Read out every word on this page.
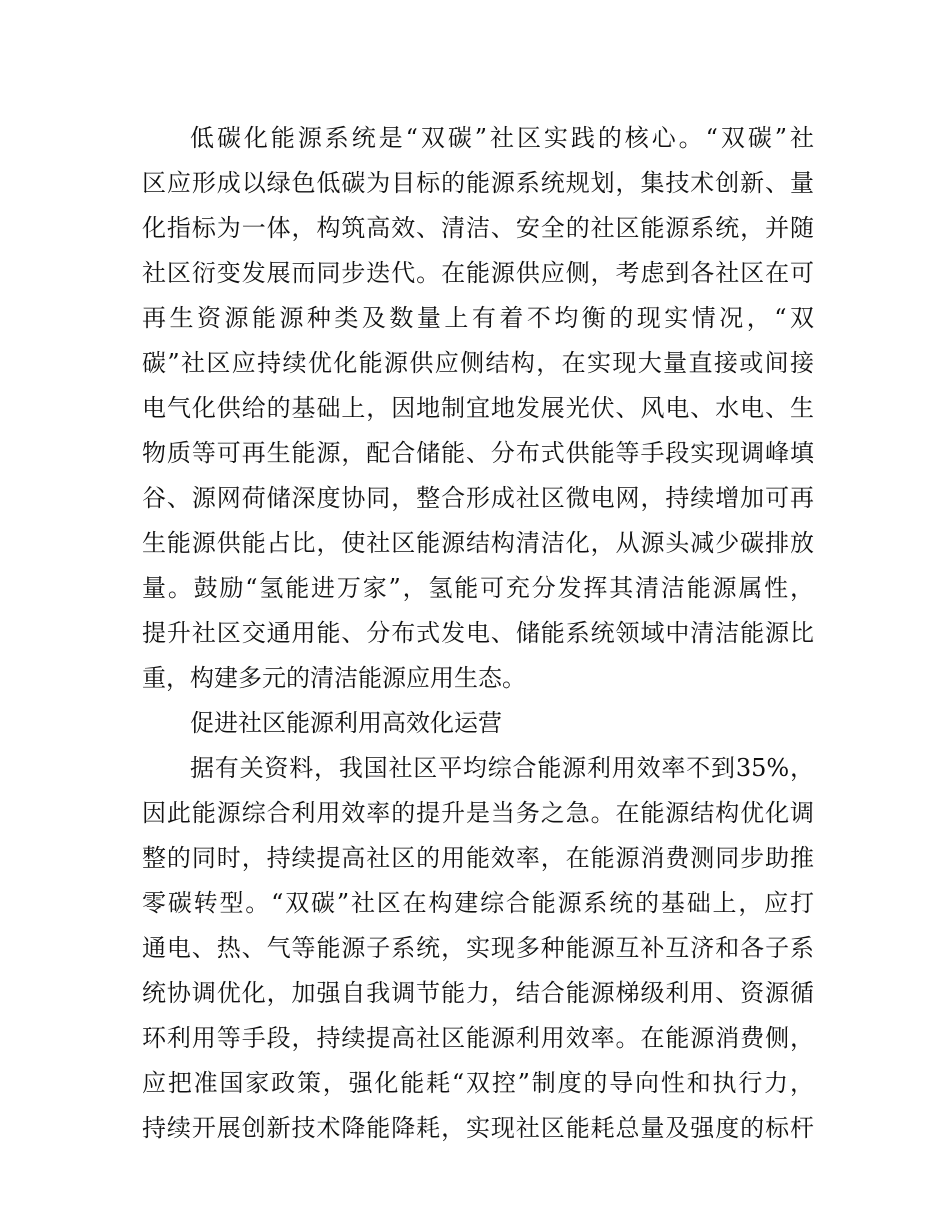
低碳化能源系统是“双碳”社区实践的核心。“双碳”社
区应形成以绿色低碳为目标的能源系统规划，集技术创新、量
化指标为一体，构筑高效、清洁、安全的社区能源系统，并随
社区衍变发展而同步迭代。在能源供应侧，考虑到各社区在可
再生资源能源种类及数量上有着不均衡的现实情况，“双
碳”社区应持续优化能源供应侧结构，在实现大量直接或间接
电气化供给的基础上，因地制宜地发展光伏、风电、水电、生
物质等可再生能源，配合储能、分布式供能等手段实现调峰填
谷、源网荷储深度协同，整合形成社区微电网，持续增加可再
生能源供能占比，使社区能源结构清洁化，从源头减少碳排放
量。鼓励“氢能进万家”，氢能可充分发挥其清洁能源属性，
提升社区交通用能、分布式发电、储能系统领域中清洁能源比
重，构建多元的清洁能源应用生态。
促进社区能源利用高效化运营
据有关资料，我国社区平均综合能源利用效率不到35%，
因此能源综合利用效率的提升是当务之急。在能源结构优化调
整的同时，持续提高社区的用能效率，在能源消费测同步助推
零碳转型。“双碳”社区在构建综合能源系统的基础上，应打
通电、热、气等能源子系统，实现多种能源互补互济和各子系
统协调优化，加强自我调节能力，结合能源梯级利用、资源循
环利用等手段，持续提高社区能源利用效率。在能源消费侧，
应把准国家政策，强化能耗“双控”制度的导向性和执行力，
持续开展创新技术降能降耗，实现社区能耗总量及强度的标杆
